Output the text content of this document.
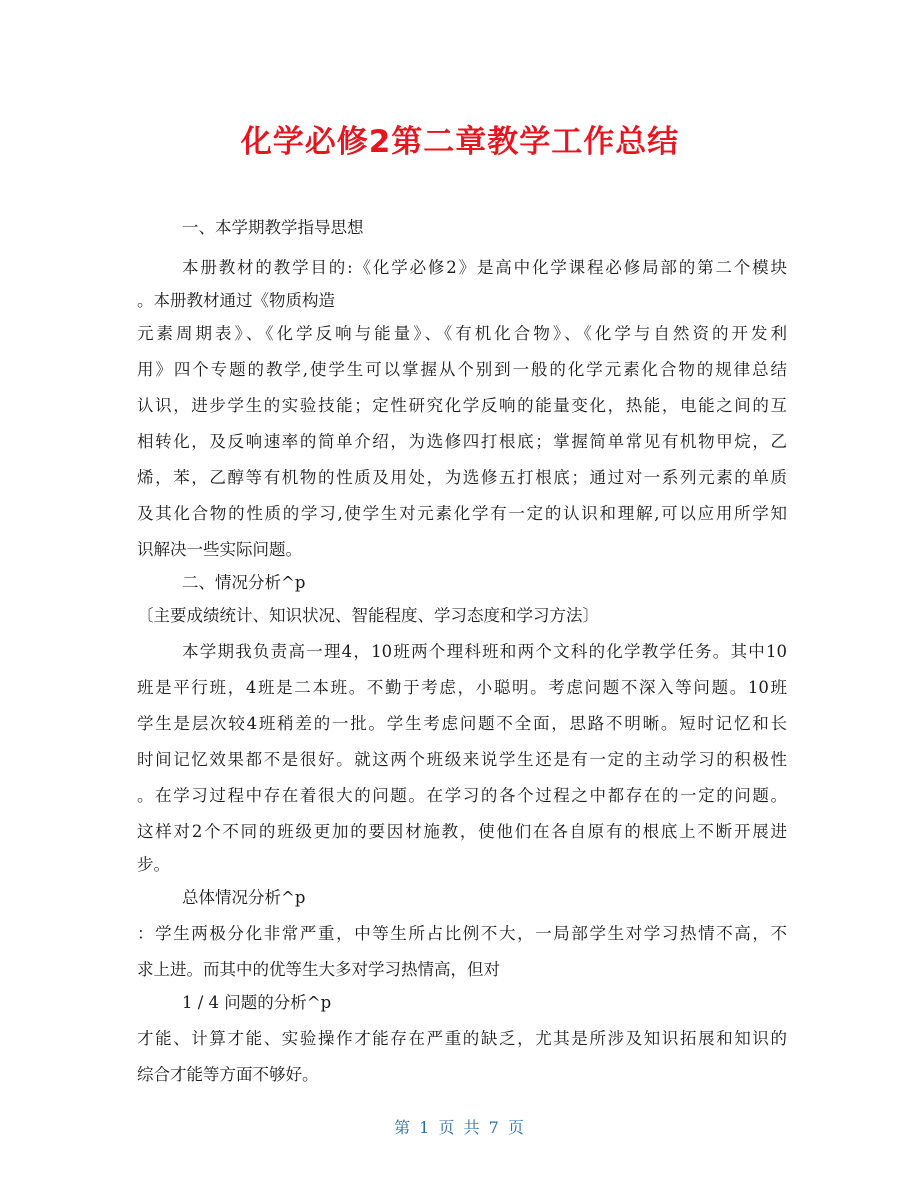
化学必修2第二章教学工作总结
一、本学期教学指导思想
本册教材的教学目的:《化学必修2》是高中化学课程必修局部的第二个模块
。本册教材通过《物质构造
元素周期表》、《化学反响与能量》、《有机化合物》、《化学与自然资的开发利
用》四个专题的教学,使学生可以掌握从个别到一般的化学元素化合物的规律总结
认识，进步学生的实验技能；定性研究化学反响的能量变化，热能，电能之间的互
相转化，及反响速率的简单介绍，为选修四打根底；掌握简单常见有机物甲烷，乙
烯，苯，乙醇等有机物的性质及用处，为选修五打根底；通过对一系列元素的单质
及其化合物的性质的学习,使学生对元素化学有一定的认识和理解,可以应用所学知
识解决一些实际问题。
二、情况分析^p
〔主要成绩统计、知识状况、智能程度、学习态度和学习方法〕
本学期我负责高一理4，10班两个理科班和两个文科的化学教学任务。其中10
班是平行班，4班是二本班。不勤于考虑，小聪明。考虑问题不深入等问题。10班
学生是层次较4班稍差的一批。学生考虑问题不全面，思路不明晰。短时记忆和长
时间记忆效果都不是很好。就这两个班级来说学生还是有一定的主动学习的积极性
。在学习过程中存在着很大的问题。在学习的各个过程之中都存在的一定的问题。
这样对2个不同的班级更加的要因材施教，使他们在各自原有的根底上不断开展进
步。
总体情况分析^p
：学生两极分化非常严重，中等生所占比例不大，一局部学生对学习热情不高，不
求上进。而其中的优等生大多对学习热情高，但对
1 / 4 问题的分析^p
才能、计算才能、实验操作才能存在严重的缺乏，尤其是所涉及知识拓展和知识的
综合才能等方面不够好。
第 1 页 共 7 页
